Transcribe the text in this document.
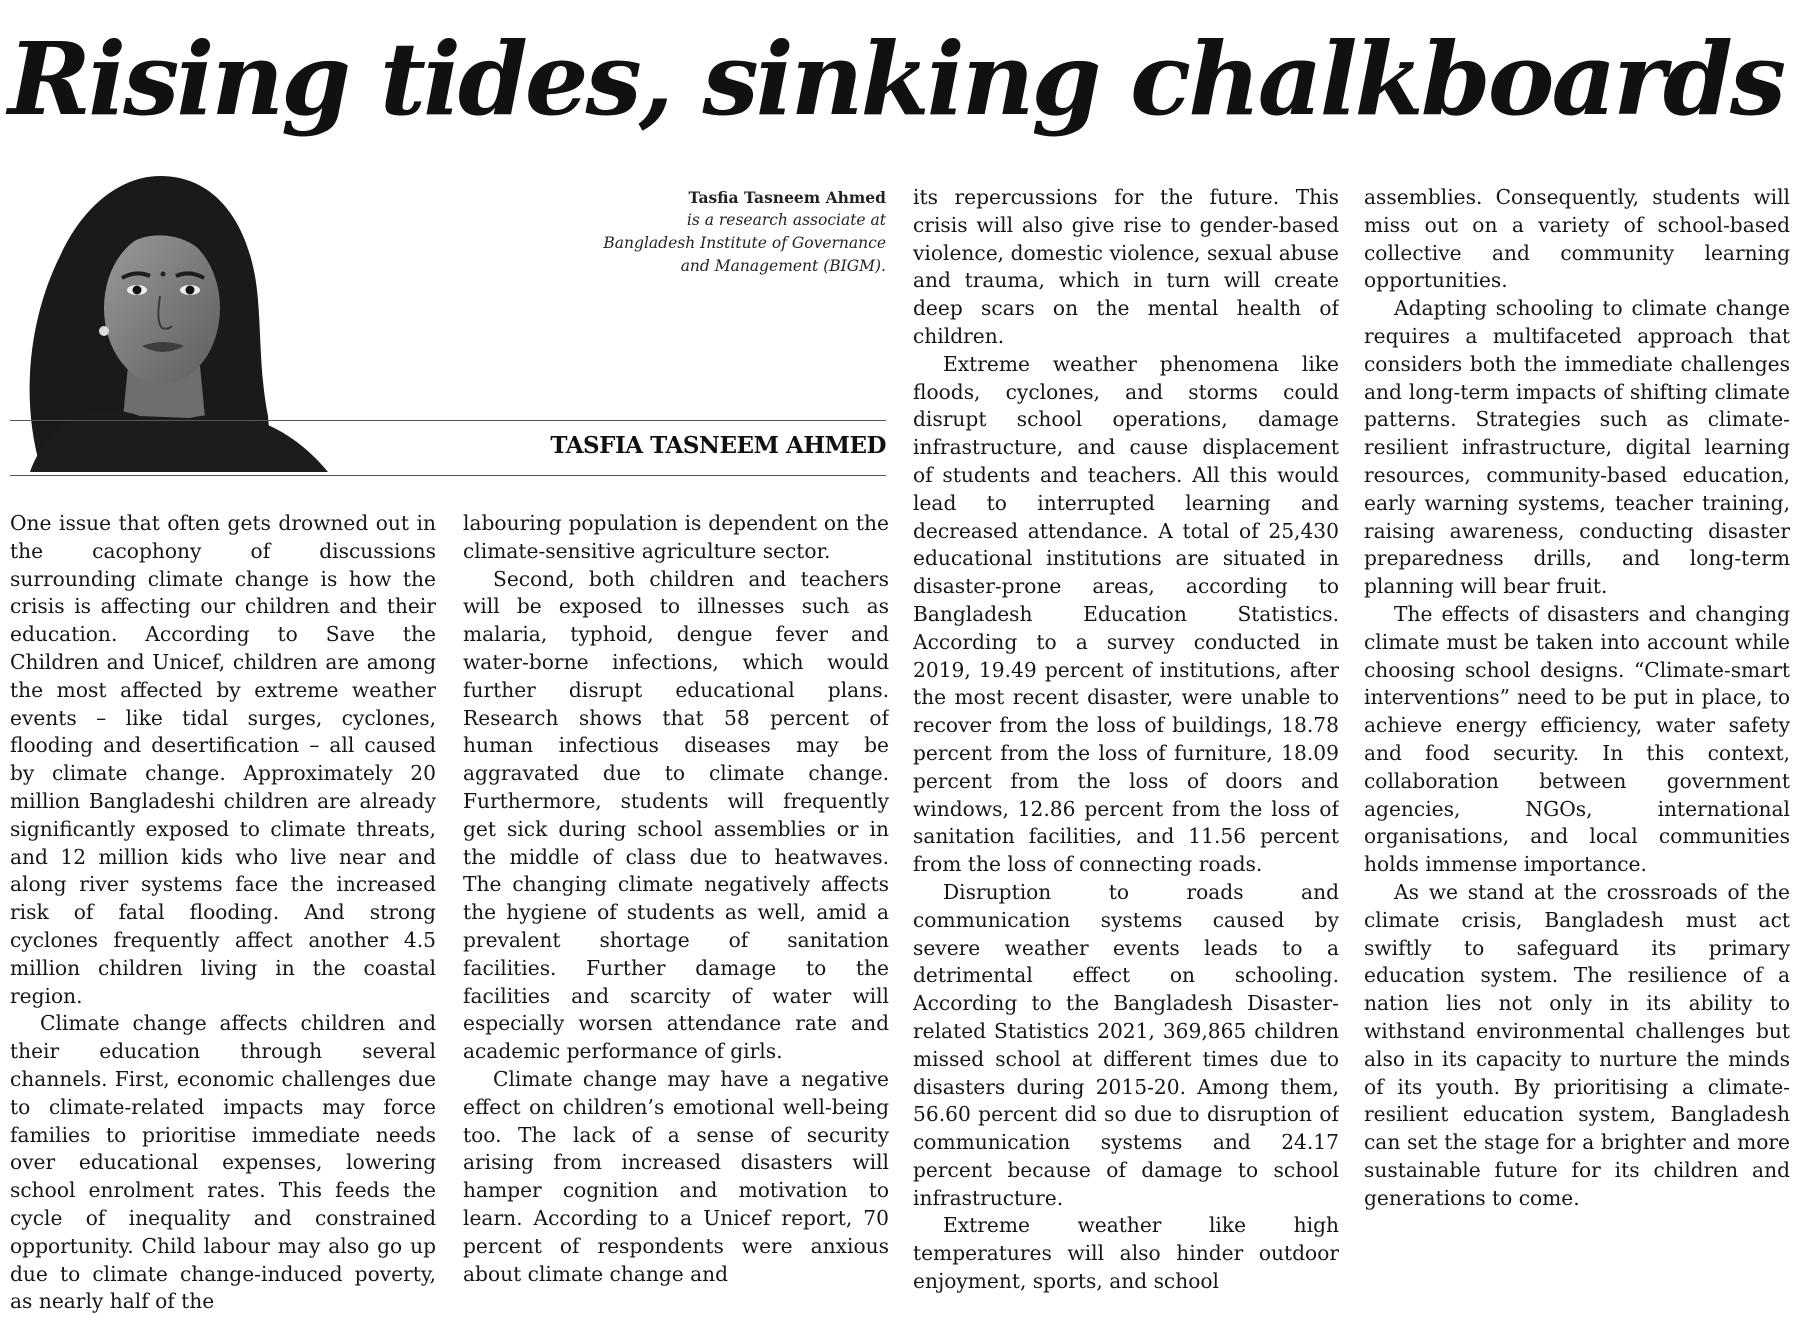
Rising tides, sinking chalkboards
Tasfia Tasneem Ahmed
is a research associate at
Bangladesh Institute of Governance
and Management (BIGM).
TASFIA TASNEEM AHMED

One issue that often gets drowned out in the cacophony of discussions surrounding climate change is how the crisis is affecting our children and their education. According to Save the Children and Unicef, children are among the most affected by extreme weather events – like tidal surges, cyclones, flooding and desertification – all caused by climate change. Approximately 20 million Bangladeshi children are already significantly exposed to climate threats, and 12 million kids who live near and along river systems face the increased risk of fatal flooding. And strong cyclones frequently affect another 4.5 million children living in the coastal region.

Climate change affects children and their education through several channels. First, economic challenges due to climate-related impacts may force families to prioritise immediate needs over educational expenses, lowering school enrolment rates. This feeds the cycle of inequality and constrained opportunity. Child labour may also go up due to climate change-induced poverty, as nearly half of the

labouring population is dependent on the climate-sensitive agriculture sector.

Second, both children and teachers will be exposed to illnesses such as malaria, typhoid, dengue fever and water-borne infections, which would further disrupt educational plans. Research shows that 58 percent of human infectious diseases may be aggravated due to climate change. Furthermore, students will frequently get sick during school assemblies or in the middle of class due to heatwaves. The changing climate negatively affects the hygiene of students as well, amid a prevalent shortage of sanitation facilities. Further damage to the facilities and scarcity of water will especially worsen attendance rate and academic performance of girls.

Climate change may have a negative effect on children’s emotional well-being too. The lack of a sense of security arising from increased disasters will hamper cognition and motivation to learn. According to a Unicef report, 70 percent of respondents were anxious about climate change and

its repercussions for the future. This crisis will also give rise to gender-based violence, domestic violence, sexual abuse and trauma, which in turn will create deep scars on the mental health of children.

Extreme weather phenomena like floods, cyclones, and storms could disrupt school operations, damage infrastructure, and cause displacement of students and teachers. All this would lead to interrupted learning and decreased attendance. A total of 25,430 educational institutions are situated in disaster-prone areas, according to Bangladesh Education Statistics. According to a survey conducted in 2019, 19.49 percent of institutions, after the most recent disaster, were unable to recover from the loss of buildings, 18.78 percent from the loss of furniture, 18.09 percent from the loss of doors and windows, 12.86 percent from the loss of sanitation facilities, and 11.56 percent from the loss of connecting roads.

Disruption to roads and communication systems caused by severe weather events leads to a detrimental effect on schooling. According to the Bangladesh Disaster-related Statistics 2021, 369,865 children missed school at different times due to disasters during 2015-20. Among them, 56.60 percent did so due to disruption of communication systems and 24.17 percent because of damage to school infrastructure.

Extreme weather like high temperatures will also hinder outdoor enjoyment, sports, and school

assemblies. Consequently, students will miss out on a variety of school-based collective and community learning opportunities.

Adapting schooling to climate change requires a multifaceted approach that considers both the immediate challenges and long-term impacts of shifting climate patterns. Strategies such as climate-resilient infrastructure, digital learning resources, community-based education, early warning systems, teacher training, raising awareness, conducting disaster preparedness drills, and long-term planning will bear fruit.

The effects of disasters and changing climate must be taken into account while choosing school designs. “Climate-smart interventions” need to be put in place, to achieve energy efficiency, water safety and food security. In this context, collaboration between government agencies, NGOs, international organisations, and local communities holds immense importance.

As we stand at the crossroads of the climate crisis, Bangladesh must act swiftly to safeguard its primary education system. The resilience of a nation lies not only in its ability to withstand environmental challenges but also in its capacity to nurture the minds of its youth. By prioritising a climate-resilient education system, Bangladesh can set the stage for a brighter and more sustainable future for its children and generations to come.
